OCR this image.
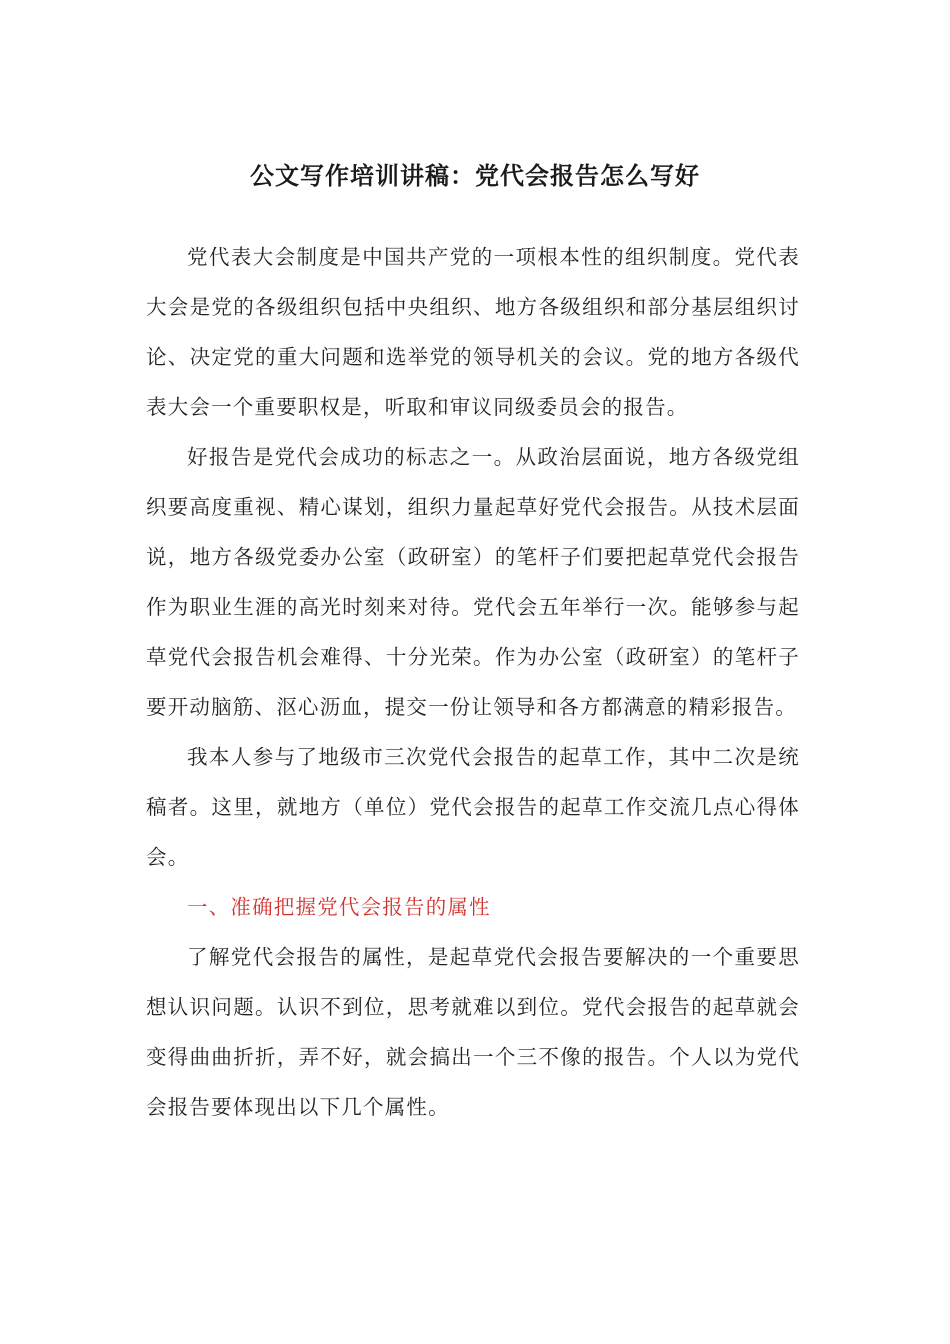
公文写作培训讲稿：党代会报告怎么写好

党代表大会制度是中国共产党的一项根本性的组织制度。党代表大会是党的各级组织包括中央组织、地方各级组织和部分基层组织讨论、决定党的重大问题和选举党的领导机关的会议。党的地方各级代表大会一个重要职权是，听取和审议同级委员会的报告。

好报告是党代会成功的标志之一。从政治层面说，地方各级党组织要高度重视、精心谋划，组织力量起草好党代会报告。从技术层面说，地方各级党委办公室（政研室）的笔杆子们要把起草党代会报告作为职业生涯的高光时刻来对待。党代会五年举行一次。能够参与起草党代会报告机会难得、十分光荣。作为办公室（政研室）的笔杆子要开动脑筋、沤心沥血，提交一份让领导和各方都满意的精彩报告。

我本人参与了地级市三次党代会报告的起草工作，其中二次是统稿者。这里，就地方（单位）党代会报告的起草工作交流几点心得体会。

一、准确把握党代会报告的属性

了解党代会报告的属性，是起草党代会报告要解决的一个重要思想认识问题。认识不到位，思考就难以到位。党代会报告的起草就会变得曲曲折折，弄不好，就会搞出一个三不像的报告。个人以为党代会报告要体现出以下几个属性。
